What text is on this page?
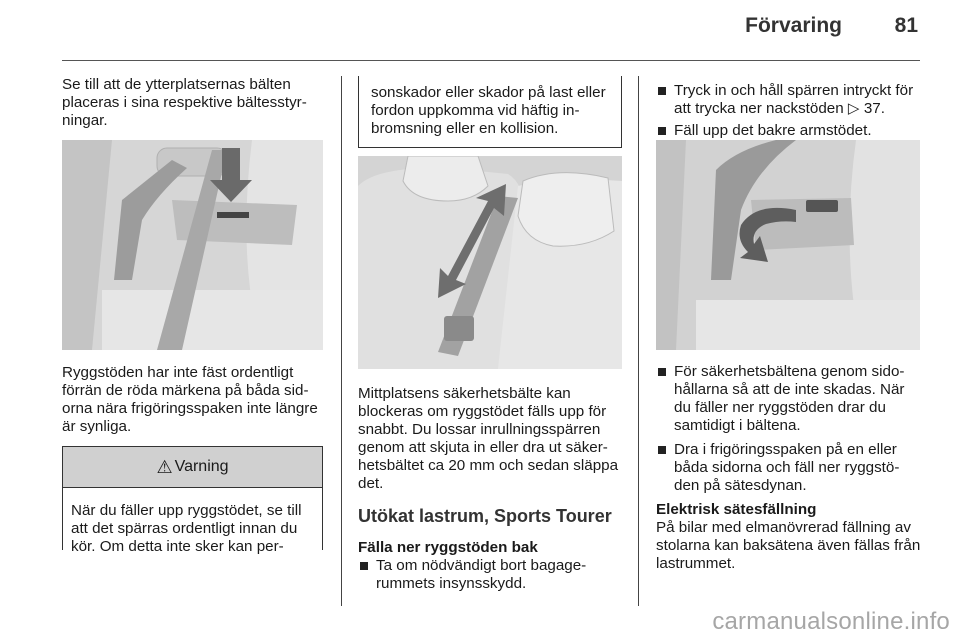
Förvaring	81

Se till att de ytterplatsernas bälten placeras i sina respektive bältesstyr-ningar.

Ryggstöden har inte fäst ordentligt förrän de röda märkena på båda sid-orna nära frigöringsspaken inte längre är synliga.

⚠ Varning
När du fäller upp ryggstödet, se till att det spärras ordentligt innan du kör. Om detta inte sker kan per-
sonskador eller skador på last eller fordon uppkomma vid häftig in-bromsning eller en kollision.

Mittplatsens säkerhetsbälte kan blockeras om ryggstödet fälls upp för snabbt. Du lossar inrullningsspärren genom att skjuta in eller dra ut säker-hetsbältet ca 20 mm och sedan släppa det.

Utökat lastrum, Sports Tourer

Fälla ner ryggstöden bak

Ta om nödvändigt bort bagage-rummets insynsskydd.

Tryck in och håll spärren intryckt för att trycka ner nackstöden ▷ 37.

Fäll upp det bakre armstödet.

För säkerhetsbältena genom sido-hållarna så att de inte skadas. När du fäller ner ryggstöden drar du samtidigt i bältena.

Dra i frigöringsspaken på en eller båda sidorna och fäll ner ryggstö-den på sätesdynan.

Elektrisk sätesfällning

På bilar med elmanövrerad fällning av stolarna kan baksätena även fällas från lastrummet.

carmanualsonline.info
